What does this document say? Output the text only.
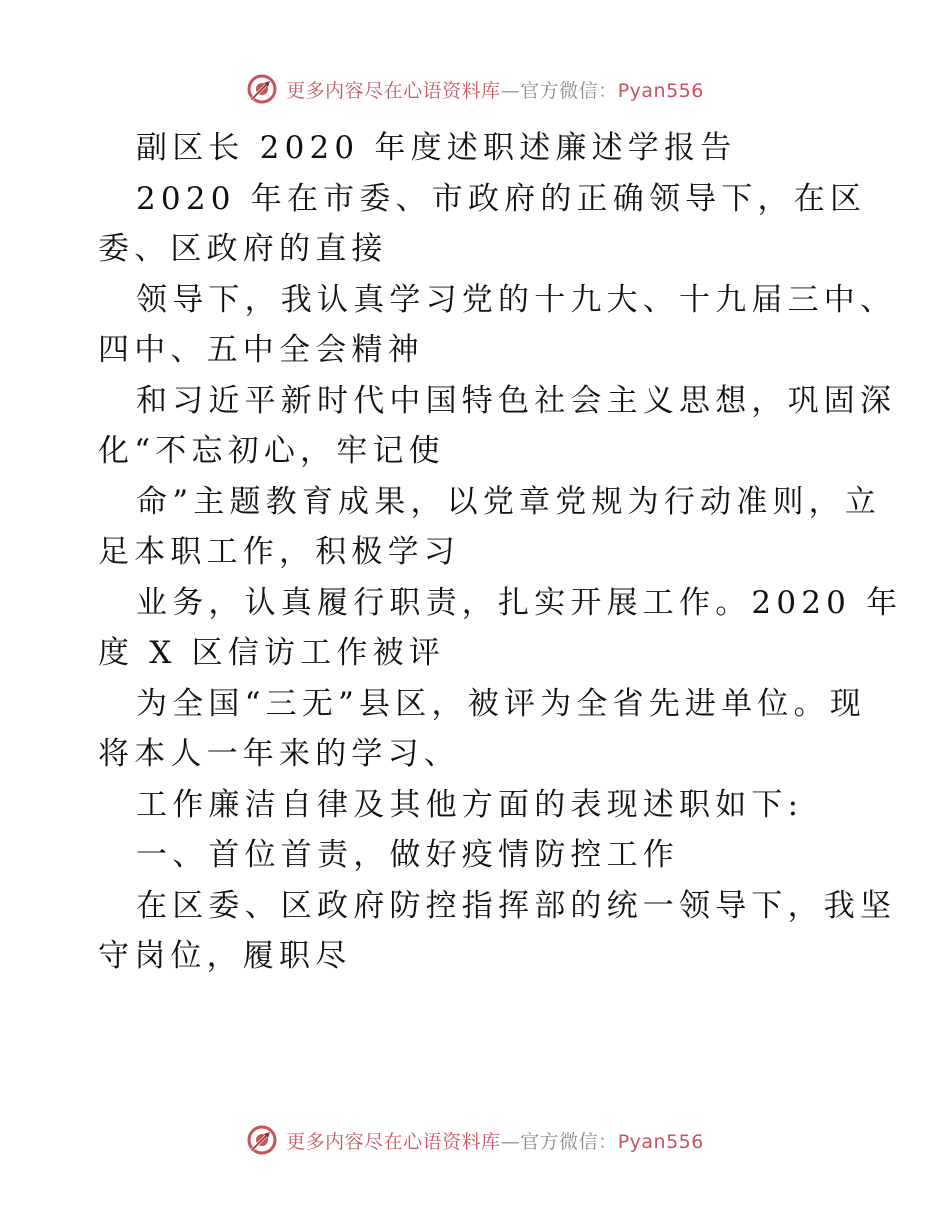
更多内容尽在心语资料库—官方微信：Pyan556
副区长 2020 年度述职述廉述学报告
2020 年在市委、市政府的正确领导下，在区
委、区政府的直接
领导下，我认真学习党的十九大、十九届三中、
四中、五中全会精神
和习近平新时代中国特色社会主义思想，巩固深
化“不忘初心，牢记使
命”主题教育成果，以党章党规为行动准则，立
足本职工作，积极学习
业务，认真履行职责，扎实开展工作。2020 年
度 X 区信访工作被评
为全国“三无”县区，被评为全省先进单位。现
将本人一年来的学习、
工作廉洁自律及其他方面的表现述职如下:
一、首位首责，做好疫情防控工作
在区委、区政府防控指挥部的统一领导下，我坚
守岗位，履职尽
更多内容尽在心语资料库—官方微信：Pyan556
